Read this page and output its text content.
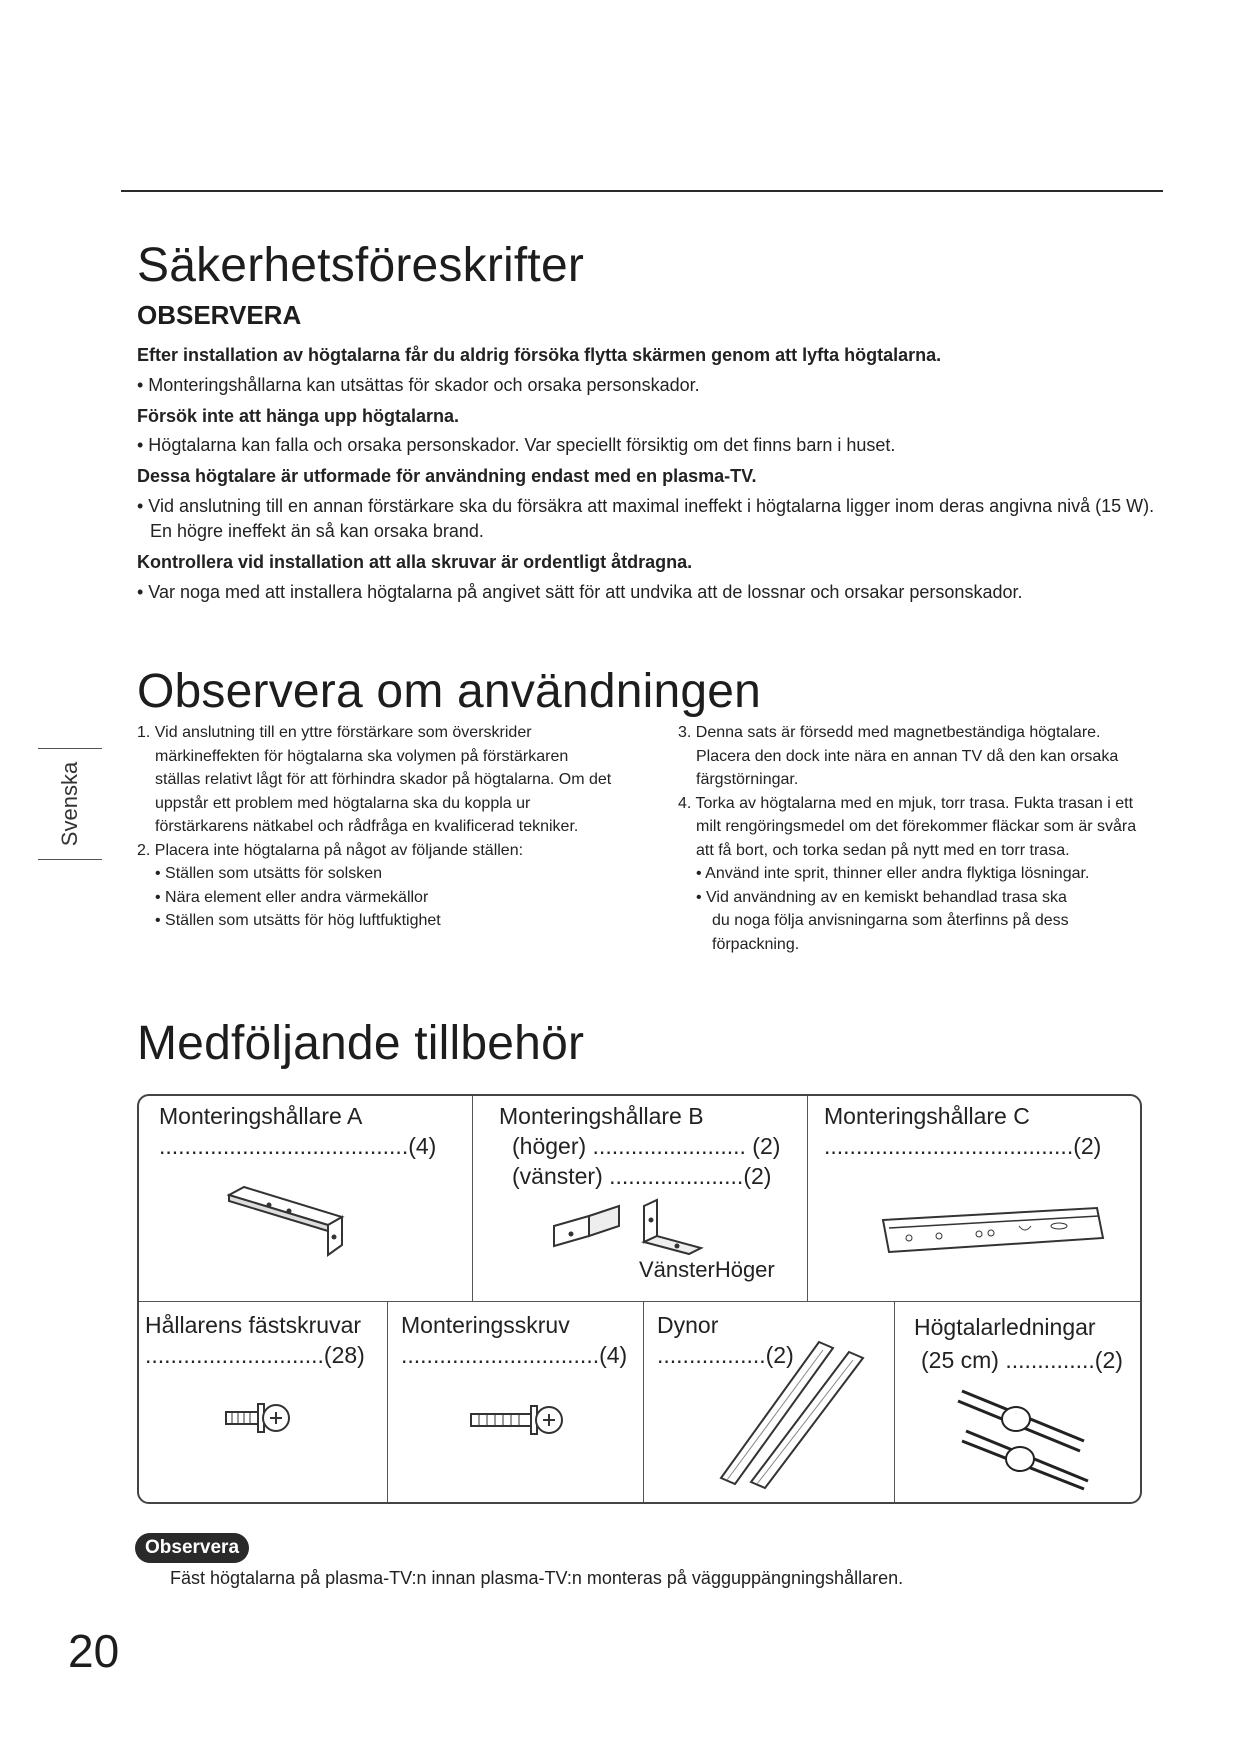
Säkerhetsföreskrifter
OBSERVERA
Efter installation av högtalarna får du aldrig försöka flytta skärmen genom att lyfta högtalarna.
• Monteringshållarna kan utsättas för skador och orsaka personskador.
Försök inte att hänga upp högtalarna.
• Högtalarna kan falla och orsaka personskador. Var speciellt försiktig om det finns barn i huset.
Dessa högtalare är utformade för användning endast med en plasma-TV.
• Vid anslutning till en annan förstärkare ska du försäkra att maximal ineffekt i högtalarna ligger inom deras angivna nivå (15 W). En högre ineffekt än så kan orsaka brand.
Kontrollera vid installation att alla skruvar är ordentligt åtdragna.
• Var noga med att installera högtalarna på angivet sätt för att undvika att de lossnar och orsakar personskador.
Svenska
Observera om användningen
1. Vid anslutning till en yttre förstärkare som överskrider märkineffekten för högtalarna ska volymen på förstärkaren ställas relativt lågt för att förhindra skador på högtalarna. Om det uppstår ett problem med högtalarna ska du koppla ur förstärkarens nätkabel och rådfråga en kvalificerad tekniker.
2. Placera inte högtalarna på något av följande ställen:
• Ställen som utsätts för solsken
• Nära element eller andra värmekällor
• Ställen som utsätts för hög luftfuktighet
3. Denna sats är försedd med magnetbeständiga högtalare. Placera den dock inte nära en annan TV då den kan orsaka färgstörningar.
4. Torka av högtalarna med en mjuk, torr trasa. Fukta trasan i ett milt rengöringsmedel om det förekommer fläckar som är svåra att få bort, och torka sedan på nytt med en torr trasa.
• Använd inte sprit, thinner eller andra flyktiga lösningar.
• Vid användning av en kemiskt behandlad trasa ska
du noga följa anvisningarna som återfinns på dess förpackning.
Medföljande tillbehör
Monteringshållare A
.......................................(4)
Monteringshållare B
(höger) ........................ (2)
(vänster) .....................(2)
VänsterHöger
Monteringshållare C
.......................................(2)
Hållarens fästskruvar
............................(28)
Monteringsskruv
...............................(4)
Dynor
.................(2)
Högtalarledningar
(25 cm) ..............(2)
Observera
Fäst högtalarna på plasma-TV:n innan plasma-TV:n monteras på vägguppängningshållaren.
20
